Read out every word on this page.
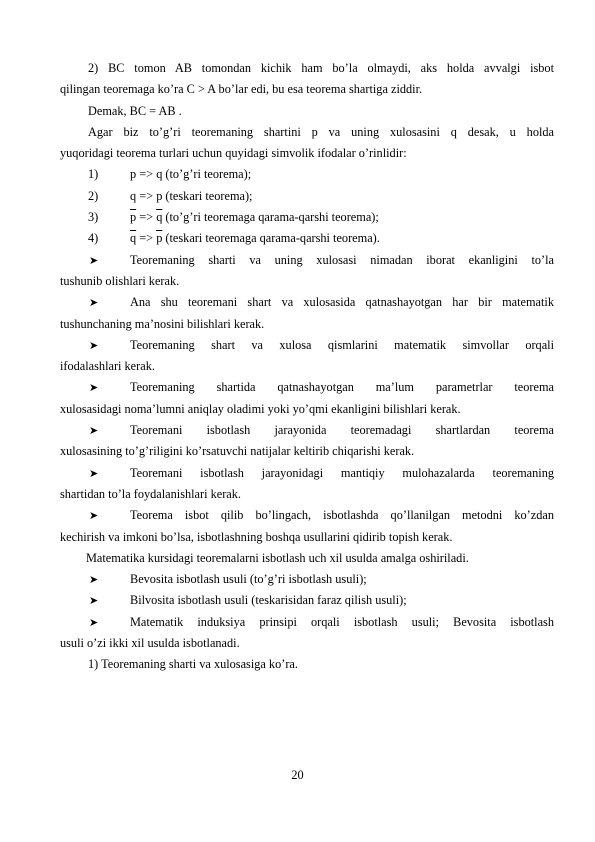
2) BC tomon AB tomondan kichik ham bo’la olmaydi, aks holda avvalgi isbot
qilingan teoremaga ko’ra C > A bo’lar edi, bu esa teorema shartiga ziddir.

Demak, BC = AB .

Agar biz to’g’ri teoremaning shartini p va uning xulosasini q desak, u holda
yuqoridagi teorema turlari uchun quyidagi simvolik ifodalar o’rinlidir:

1)	p => q (to’g’ri teorema);
2)	q => p (teskari teorema);
3)	$\overline{p} => \overline{q}$ (to’g’ri teoremaga qarama-qarshi teorema);
4)	$\overline{q} => \overline{p}$ (teskari teoremaga qarama-qarshi teorema).
➤	Teoremaning sharti va uning xulosasi nimadan iborat ekanligini to’la
tushunib olishlari kerak.
➤	Ana shu teoremani shart va xulosasida qatnashayotgan har bir matematik
tushunchaning ma’nosini bilishlari kerak.
➤	Teoremaning shart va xulosa qismlarini matematik simvollar orqali
ifodalashlari kerak.
➤	Teoremaning shartida qatnashayotgan ma’lum parametrlar teorema
xulosasidagi noma’lumni aniqlay oladimi yoki yo’qmi ekanligini bilishlari kerak.
➤	Teoremani isbotlash jarayonida teoremadagi shartlardan teorema
xulosasining to’g’riligini ko’rsatuvchi natijalar keltirib chiqarishi kerak.
➤	Teoremani isbotlash jarayonidagi mantiqiy mulohazalarda teoremaning
shartidan to’la foydalanishlari kerak.
➤	Teorema isbot qilib bo’lingach, isbotlashda qo’llanilgan metodni ko’zdan
kechirish va imkoni bo’lsa, isbotlashning boshqa usullarini qidirib topish kerak.

Matematika kursidagi teoremalarni isbotlash uch xil usulda amalga oshiriladi.

➤	Bevosita isbotlash usuli (to’g’ri isbotlash usuli);
➤	Bilvosita isbotlash usuli (teskarisidan faraz qilish usuli);
➤	Matematik induksiya prinsipi orqali isbotlash usuli; Bevosita isbotlash
usuli o’zi ikki xil usulda isbotlanadi.

1) Teoremaning sharti va xulosasiga ko’ra.

20
